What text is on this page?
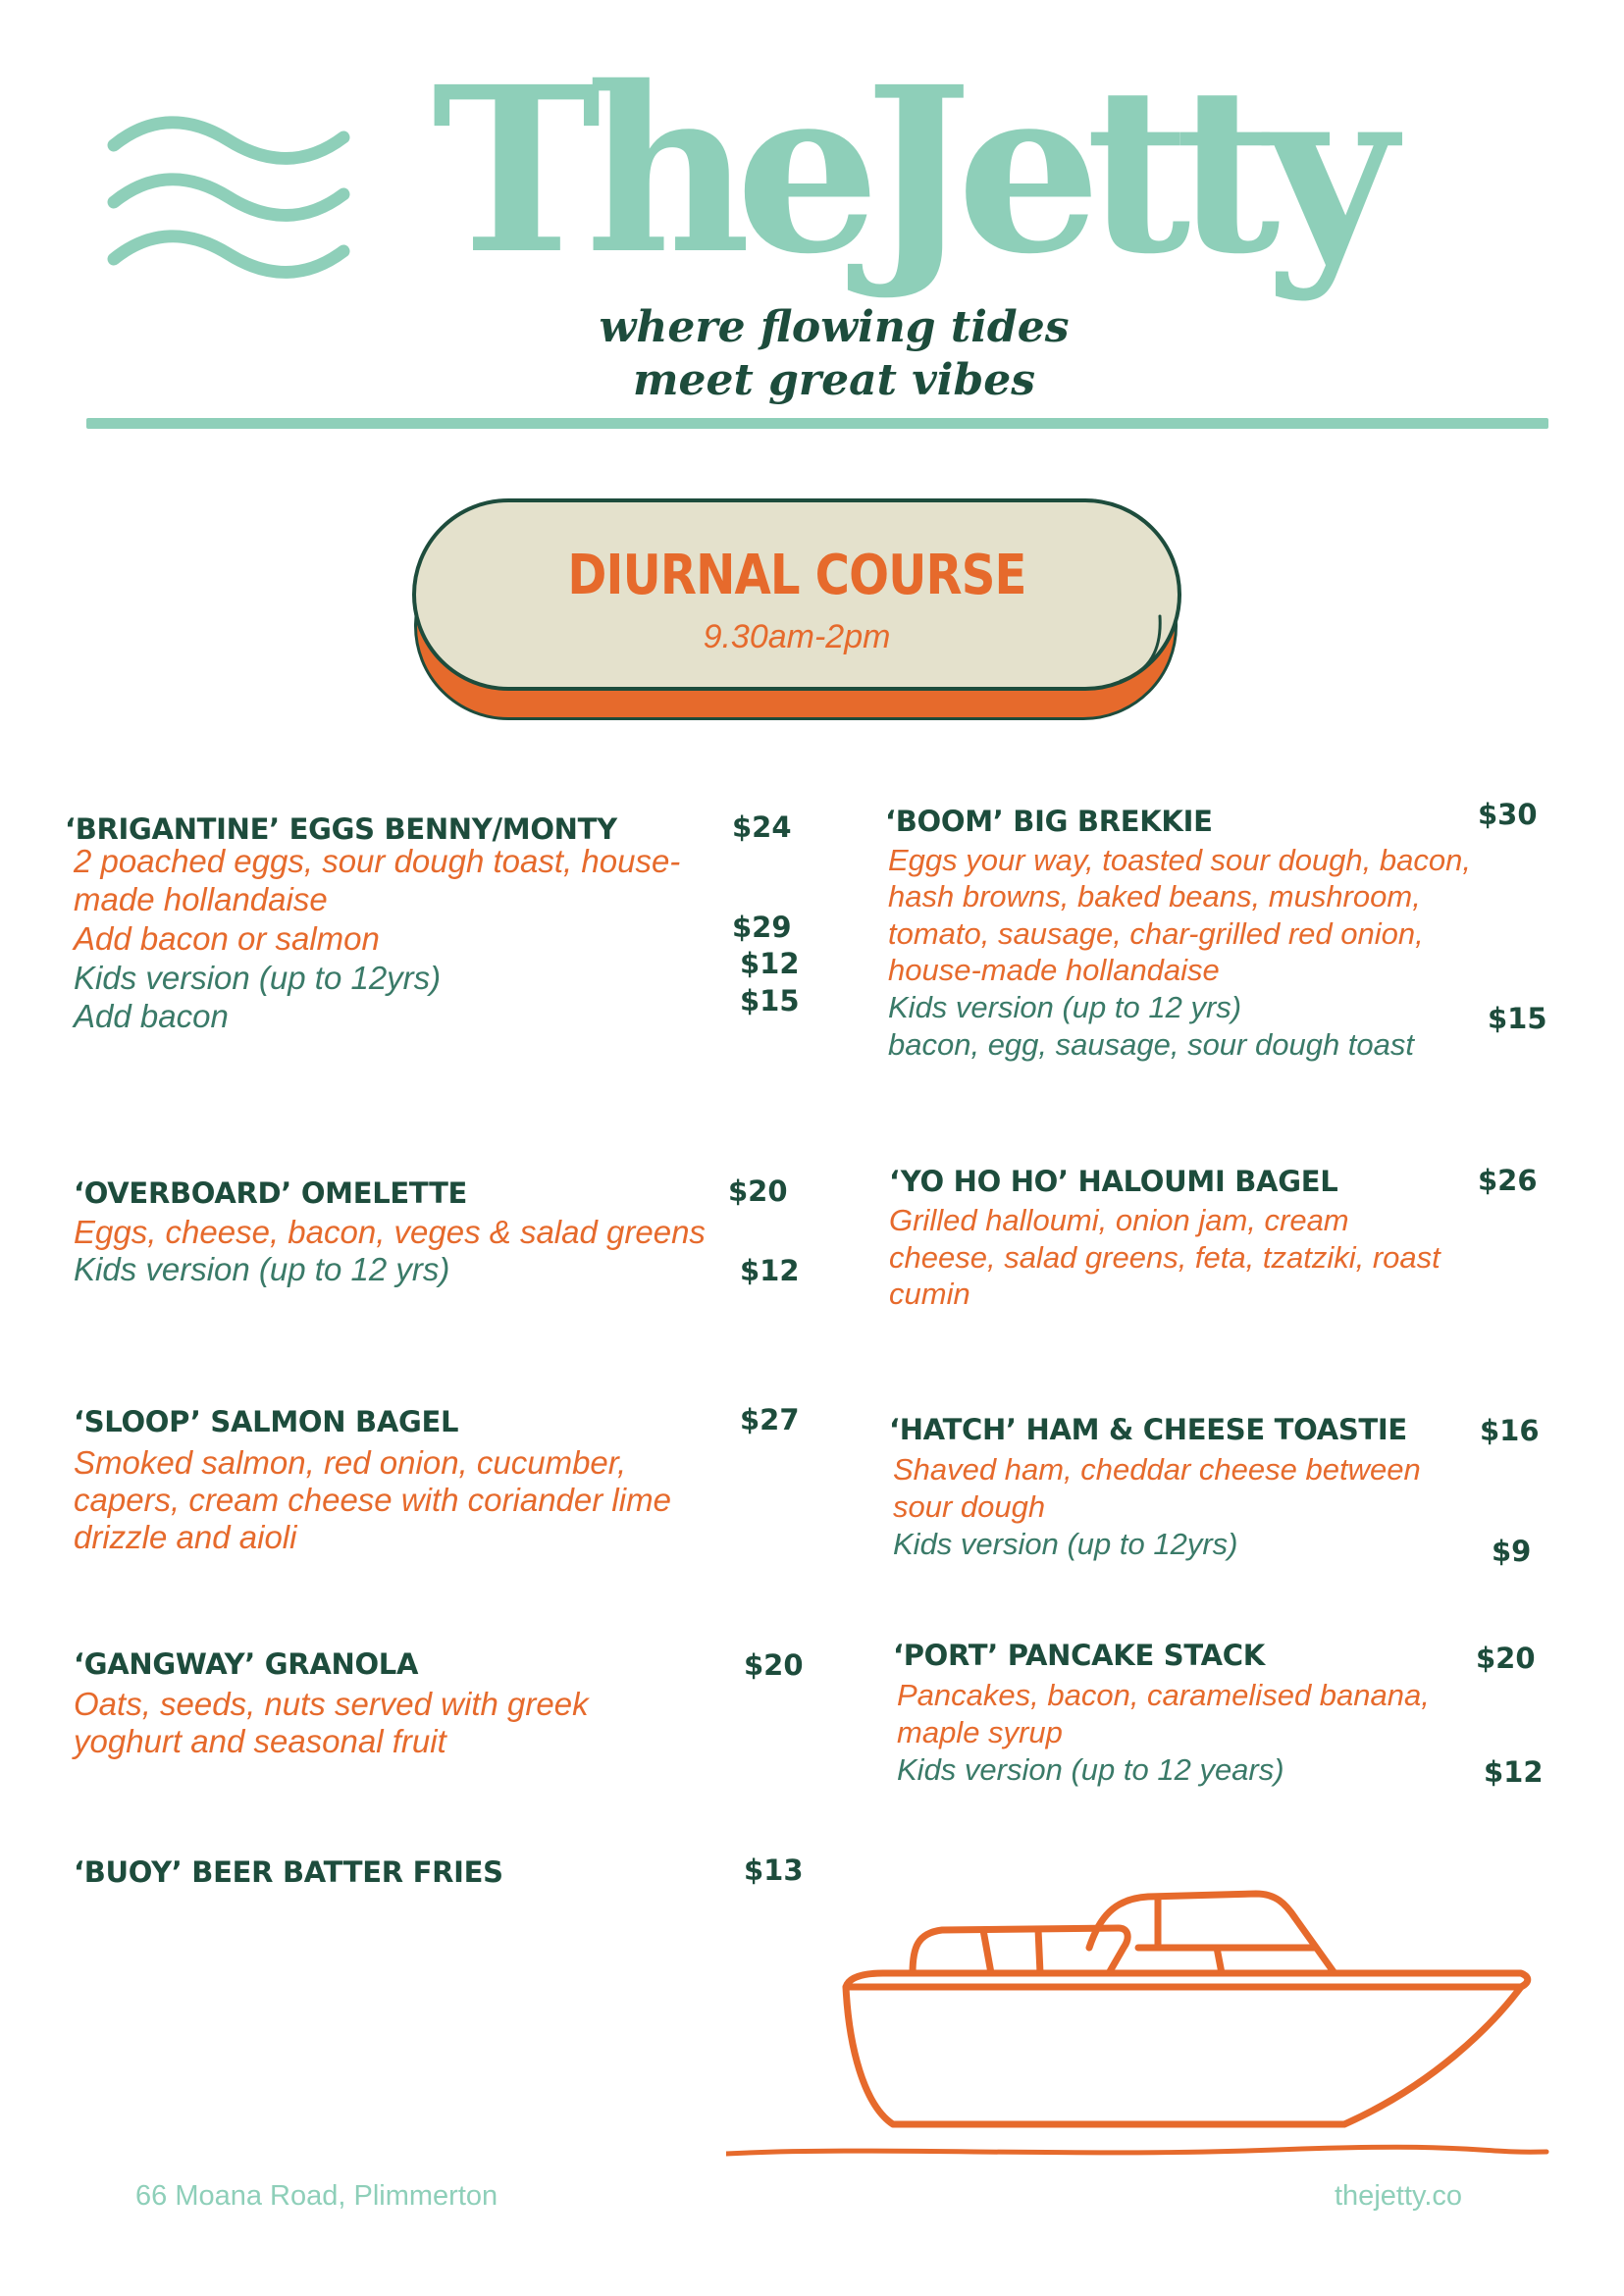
TheJetty
where flowing tides
meet great vibes
DIURNAL COURSE
9.30am-2pm
‘BRIGANTINE’ EGGS BENNY/MONTY	$24
2 poached eggs, sour dough toast, house-
made hollandaise
Add bacon or salmon	$29
Kids version (up to 12yrs)	$12
Add bacon	$15
‘OVERBOARD’ OMELETTE	$20
Eggs, cheese, bacon, veges & salad greens
Kids version (up to 12 yrs)	$12
‘SLOOP’ SALMON BAGEL	$27
Smoked salmon, red onion, cucumber,
capers, cream cheese with coriander lime
drizzle and aioli
‘GANGWAY’ GRANOLA	$20
Oats, seeds, nuts served with greek
yoghurt and seasonal fruit
‘BUOY’ BEER BATTER FRIES	$13
‘BOOM’ BIG BREKKIE	$30
Eggs your way, toasted sour dough, bacon,
hash browns, baked beans, mushroom,
tomato, sausage, char-grilled red onion,
house-made hollandaise
Kids version (up to 12 yrs)	$15
bacon, egg, sausage, sour dough toast
‘YO HO HO’ HALOUMI BAGEL	$26
Grilled halloumi, onion jam, cream
cheese, salad greens, feta, tzatziki, roast
cumin
‘HATCH’ HAM & CHEESE TOASTIE	$16
Shaved ham, cheddar cheese between
sour dough
Kids version (up to 12yrs)	$9
‘PORT’ PANCAKE STACK	$20
Pancakes, bacon, caramelised banana,
maple syrup
Kids version (up to 12 years)	$12
66 Moana Road, Plimmerton	thejetty.co
